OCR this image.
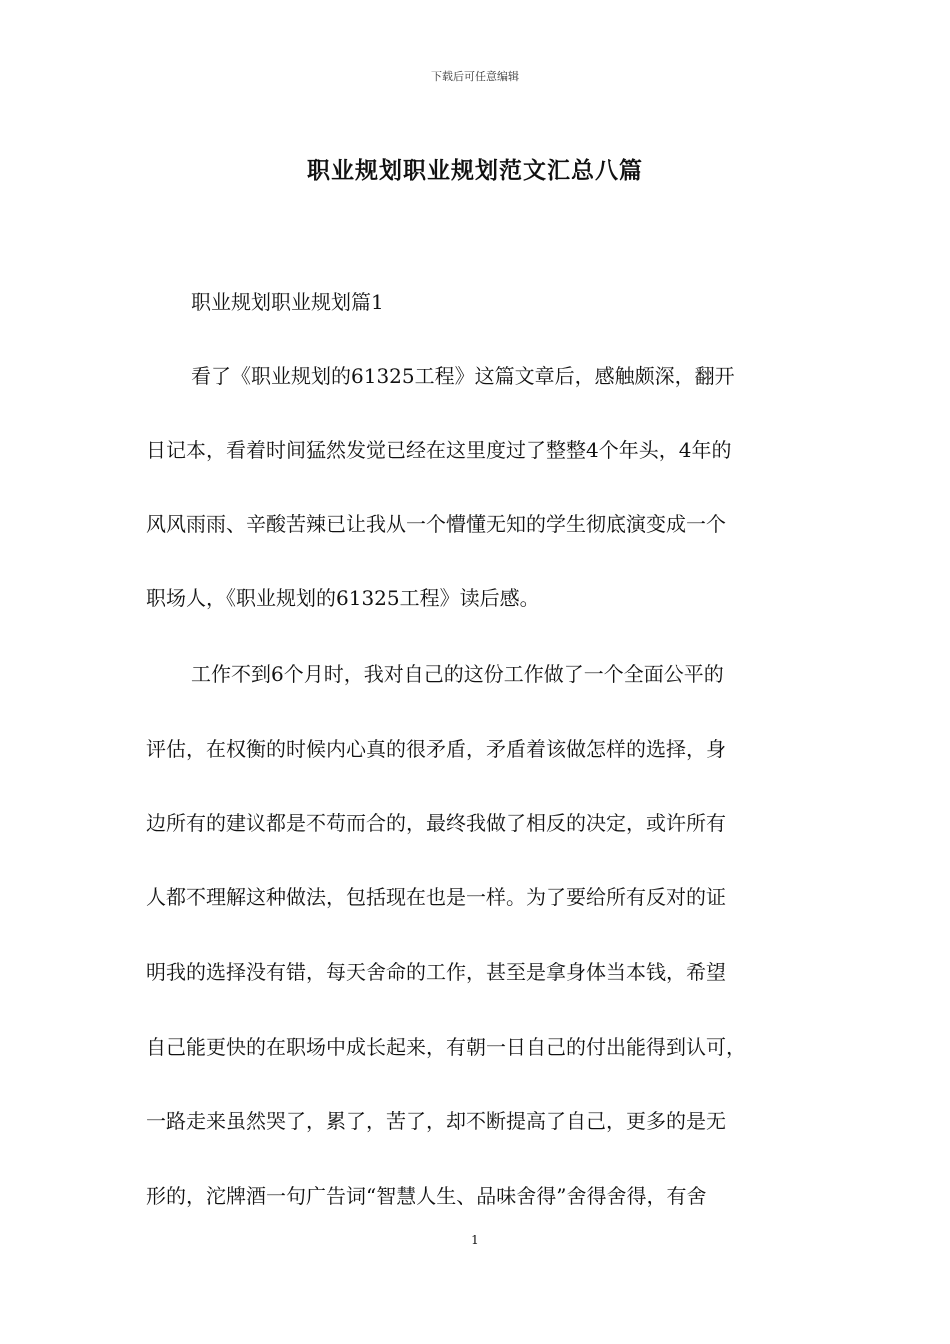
下载后可任意编辑
职业规划职业规划范文汇总八篇
职业规划职业规划篇1
看了《职业规划的61325工程》这篇文章后，感触颇深，翻开
日记本，看着时间猛然发觉已经在这里度过了整整4个年头，4年的
风风雨雨、辛酸苦辣已让我从一个懵懂无知的学生彻底演变成一个
职场人，《职业规划的61325工程》读后感。
工作不到6个月时，我对自己的这份工作做了一个全面公平的
评估，在权衡的时候内心真的很矛盾，矛盾着该做怎样的选择，身
边所有的建议都是不苟而合的，最终我做了相反的决定，或许所有
人都不理解这种做法，包括现在也是一样。为了要给所有反对的证
明我的选择没有错，每天舍命的工作，甚至是拿身体当本钱，希望
自己能更快的在职场中成长起来，有朝一日自己的付出能得到认可，
一路走来虽然哭了，累了，苦了，却不断提高了自己，更多的是无
形的，沱牌酒一句广告词“智慧人生、品味舍得”舍得舍得，有舍
1
